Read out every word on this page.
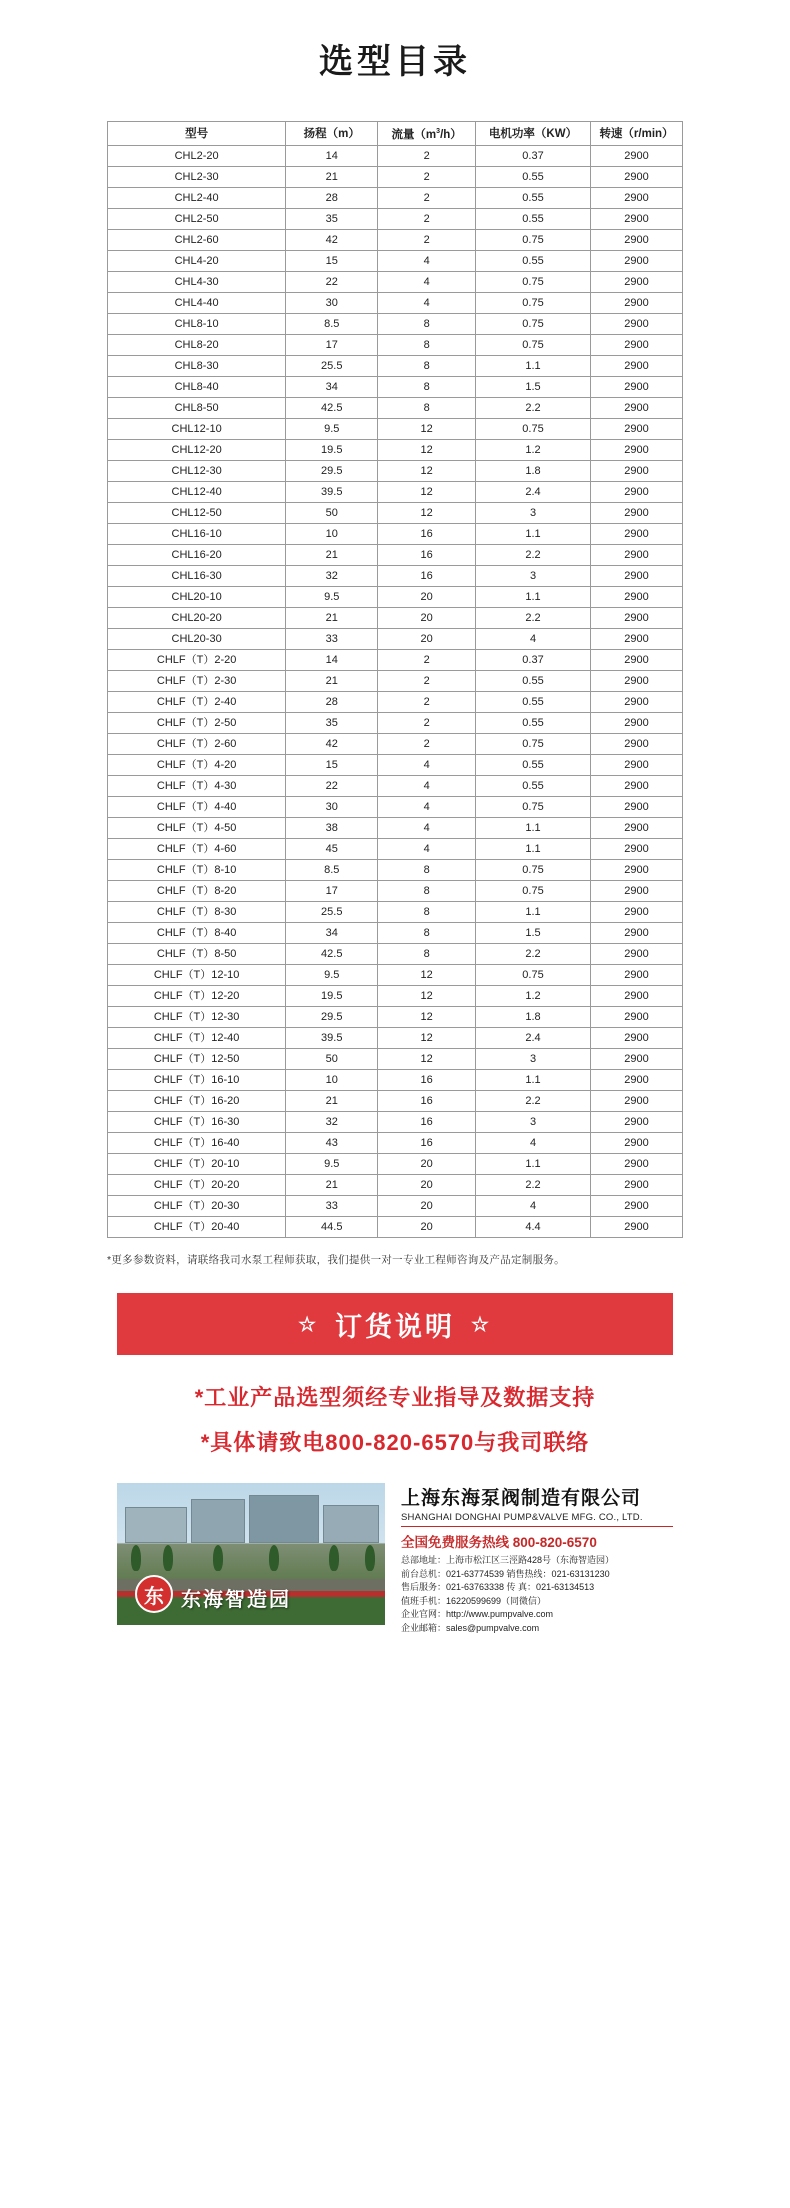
选型目录
型号	扬程（m）	流量$(m^3/h)$	电机功率（KW）	转速（r/min）
CHL2-20	14	2	0.37	2900
CHL2-30	21	2	0.55	2900
CHL2-40	28	2	0.55	2900
CHL2-50	35	2	0.55	2900
CHL2-60	42	2	0.75	2900
CHL4-20	15	4	0.55	2900
CHL4-30	22	4	0.75	2900
CHL4-40	30	4	0.75	2900
CHL8-10	8.5	8	0.75	2900
CHL8-20	17	8	0.75	2900
CHL8-30	25.5	8	1.1	2900
CHL8-40	34	8	1.5	2900
CHL8-50	42.5	8	2.2	2900
CHL12-10	9.5	12	0.75	2900
CHL12-20	19.5	12	1.2	2900
CHL12-30	29.5	12	1.8	2900
CHL12-40	39.5	12	2.4	2900
CHL12-50	50	12	3	2900
CHL16-10	10	16	1.1	2900
CHL16-20	21	16	2.2	2900
CHL16-30	32	16	3	2900
CHL20-10	9.5	20	1.1	2900
CHL20-20	21	20	2.2	2900
CHL20-30	33	20	4	2900
CHLF（T）2-20	14	2	0.37	2900
CHLF（T）2-30	21	2	0.55	2900
CHLF（T）2-40	28	2	0.55	2900
CHLF（T）2-50	35	2	0.55	2900
CHLF（T）2-60	42	2	0.75	2900
CHLF（T）4-20	15	4	0.55	2900
CHLF（T）4-30	22	4	0.55	2900
CHLF（T）4-40	30	4	0.75	2900
CHLF（T）4-50	38	4	1.1	2900
CHLF（T）4-60	45	4	1.1	2900
CHLF（T）8-10	8.5	8	0.75	2900
CHLF（T）8-20	17	8	0.75	2900
CHLF（T）8-30	25.5	8	1.1	2900
CHLF（T）8-40	34	8	1.5	2900
CHLF（T）8-50	42.5	8	2.2	2900
CHLF（T）12-10	9.5	12	0.75	2900
CHLF（T）12-20	19.5	12	1.2	2900
CHLF（T）12-30	29.5	12	1.8	2900
CHLF（T）12-40	39.5	12	2.4	2900
CHLF（T）12-50	50	12	3	2900
CHLF（T）16-10	10	16	1.1	2900
CHLF（T）16-20	21	16	2.2	2900
CHLF（T）16-30	32	16	3	2900
CHLF（T）16-40	43	16	4	2900
CHLF（T）20-10	9.5	20	1.1	2900
CHLF（T）20-20	21	20	2.2	2900
CHLF（T）20-30	33	20	4	2900
CHLF（T）20-40	44.5	20	4.4	2900
*更多参数资料，请联络我司水泵工程师获取，我们提供一对一专业工程师咨询及产品定制服务。
☆ 订货说明 ☆
*工业产品选型须经专业指导及数据支持
*具体请致电800-820-6570与我司联络
东 东海智造园
上海东海泵阀制造有限公司
SHANGHAI DONGHAI PUMP&VALVE MFG. CO., LTD.
全国免费服务热线 800-820-6570
总部地址：上海市松江区三涇路428号（东海智造园）
前台总机：021-63774539 销售热线：021-63131230
售后服务：021-63763338 传 真：021-63134513
值班手机：16220599699（同微信）
企业官网：http://www.pumpvalve.com
企业邮箱：sales@pumpvalve.com
